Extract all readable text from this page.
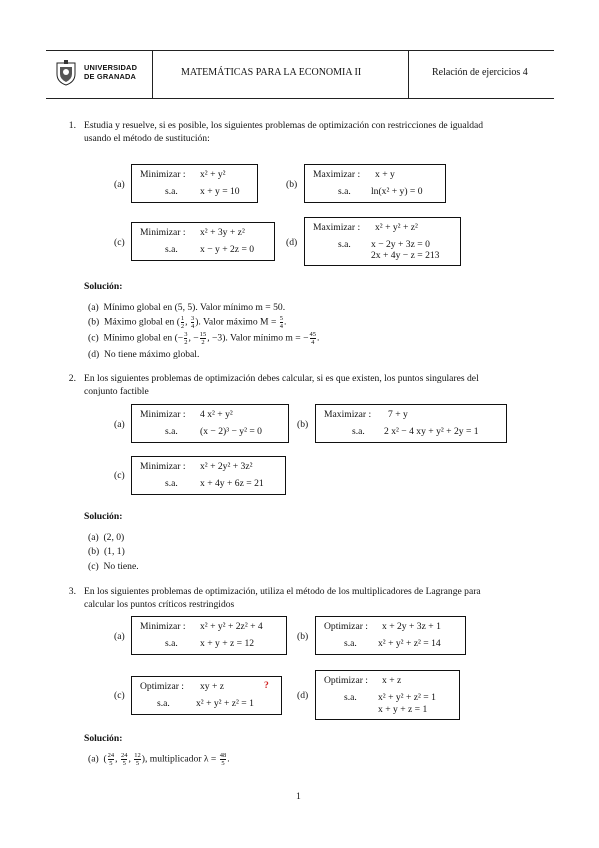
UNIVERSIDAD
DE GRANADA	MATEMÁTICAS PARA LA ECONOMIA II	Relación de ejercicios 4
1. Estudia y resuelve, si es posible, los siguientes problemas de optimización con restricciones de igualdad
usando el método de sustitución:
(a)
Minimizar : x² + y²
s.a. x + y = 10
(b)
Maximizar : x + y
s.a. ln(x² + y) = 0
(c)
Minimizar : x² + 3y + z²
s.a. x − y + 2z = 0
(d)
Maximizar : x² + y² + z²
s.a. x − 2y + 3z = 0
2x + 4y − z = 213
Solución:
(a) Mínimo global en (5, 5). Valor mínimo m = 50.
(b) Máximo global en ( $\frac{1}{2}$ , $\frac{3}{4}$ ). Valor máximo $M = \frac{5}{4}$ .
(c) Mínimo global en (− $\frac{3}{2}$ , − $\frac{15}{2}$ , −3). Valor mínimo m = − $\frac{45}{4}$ .
(d) No tiene máximo global.
2. En los siguientes problemas de optimización debes calcular, si es que existen, los puntos singulares del
conjunto factible
(a)
Minimizar : 4 x² + y²
s.a. (x − 2)³ − y² = 0
(b)
Maximizar : 7 + y
s.a. 2 x² − 4 xy + y² + 2y = 1
(c)
Minimizar : x² + 2y² + 3z²
s.a. x + 4y + 6z = 21
Solución:
(a) (2, 0)
(b) (1, 1)
(c) No tiene.
3. En los siguientes problemas de optimización, utiliza el método de los multiplicadores de Lagrange para
calcular los puntos críticos restringidos
(a)
Minimizar : x² + y² + 2z² + 4
s.a. x + y + z = 12
(b)
Optimizar : x + 2y + 3z + 1
s.a. x² + y² + z² = 14
(c)
Optimizar : xy + z	?
s.a.	x² + y² + z² = 1
(d)
Optimizar : x + z
s.a. x² + y² + z² = 1
x + y + z = 1
Solución:
(a) ( $\frac{24}{5}$ , $\frac{24}{5}$ , $\frac{12}{5}$ ), multiplicador $\lambda = \frac{48}{5}$ .
1
